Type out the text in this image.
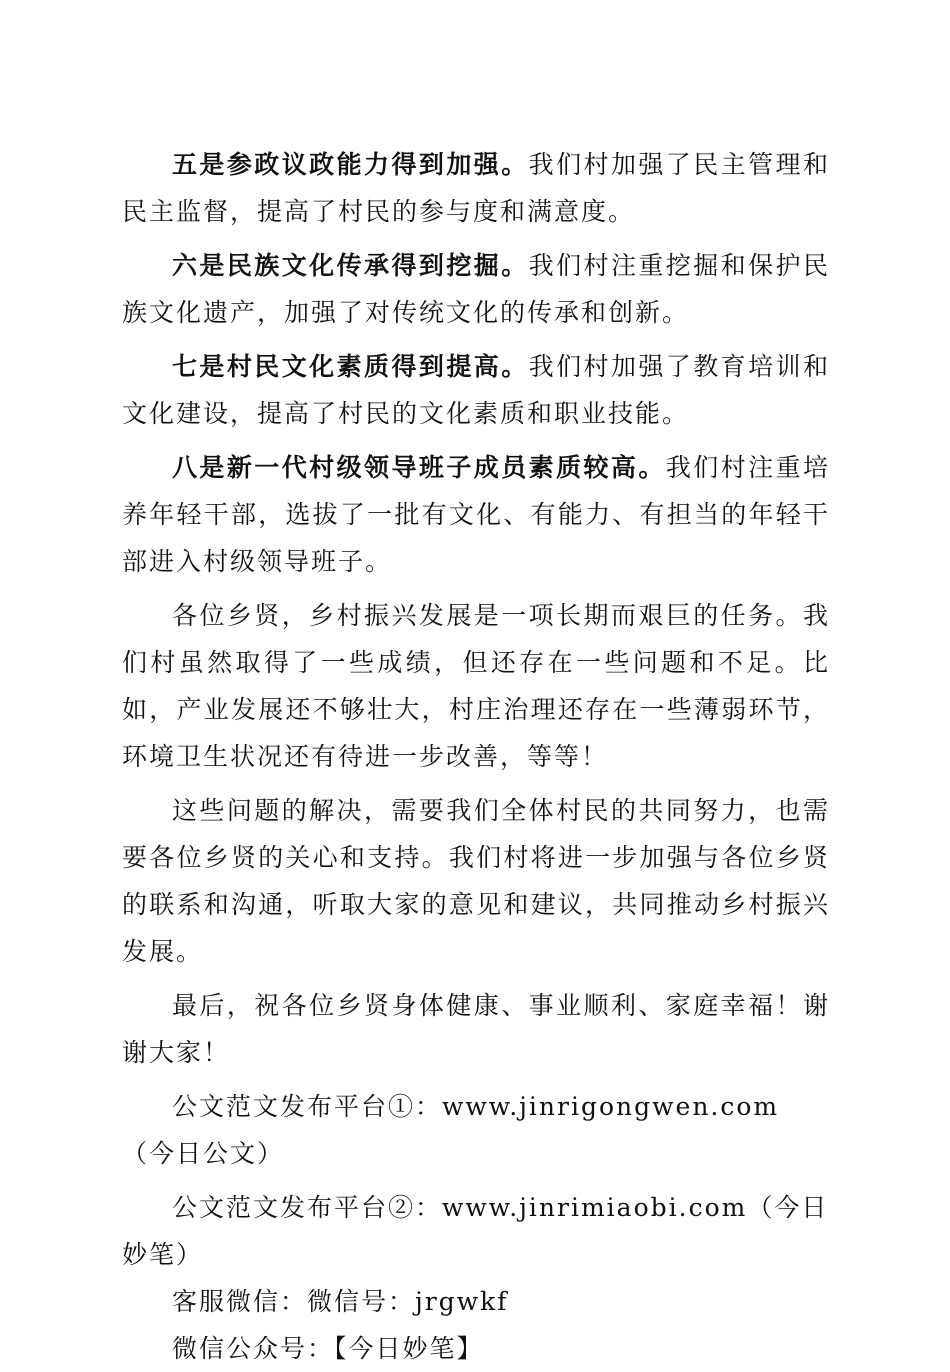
五是参政议政能力得到加强。我们村加强了民主管理和民主监督，提高了村民的参与度和满意度。

六是民族文化传承得到挖掘。我们村注重挖掘和保护民族文化遗产，加强了对传统文化的传承和创新。

七是村民文化素质得到提高。我们村加强了教育培训和文化建设，提高了村民的文化素质和职业技能。

八是新一代村级领导班子成员素质较高。我们村注重培养年轻干部，选拔了一批有文化、有能力、有担当的年轻干部进入村级领导班子。

各位乡贤，乡村振兴发展是一项长期而艰巨的任务。我们村虽然取得了一些成绩，但还存在一些问题和不足。比如，产业发展还不够壮大，村庄治理还存在一些薄弱环节，环境卫生状况还有待进一步改善，等等！

这些问题的解决，需要我们全体村民的共同努力，也需要各位乡贤的关心和支持。我们村将进一步加强与各位乡贤的联系和沟通，听取大家的意见和建议，共同推动乡村振兴发展。

最后，祝各位乡贤身体健康、事业顺利、家庭幸福！谢谢大家！

公文范文发布平台①：www.jinrigongwen.com（今日公文）

公文范文发布平台②：www.jinrimiaobi.com（今日妙笔）

客服微信：微信号：jrgwkf

微信公众号：【今日妙笔】
